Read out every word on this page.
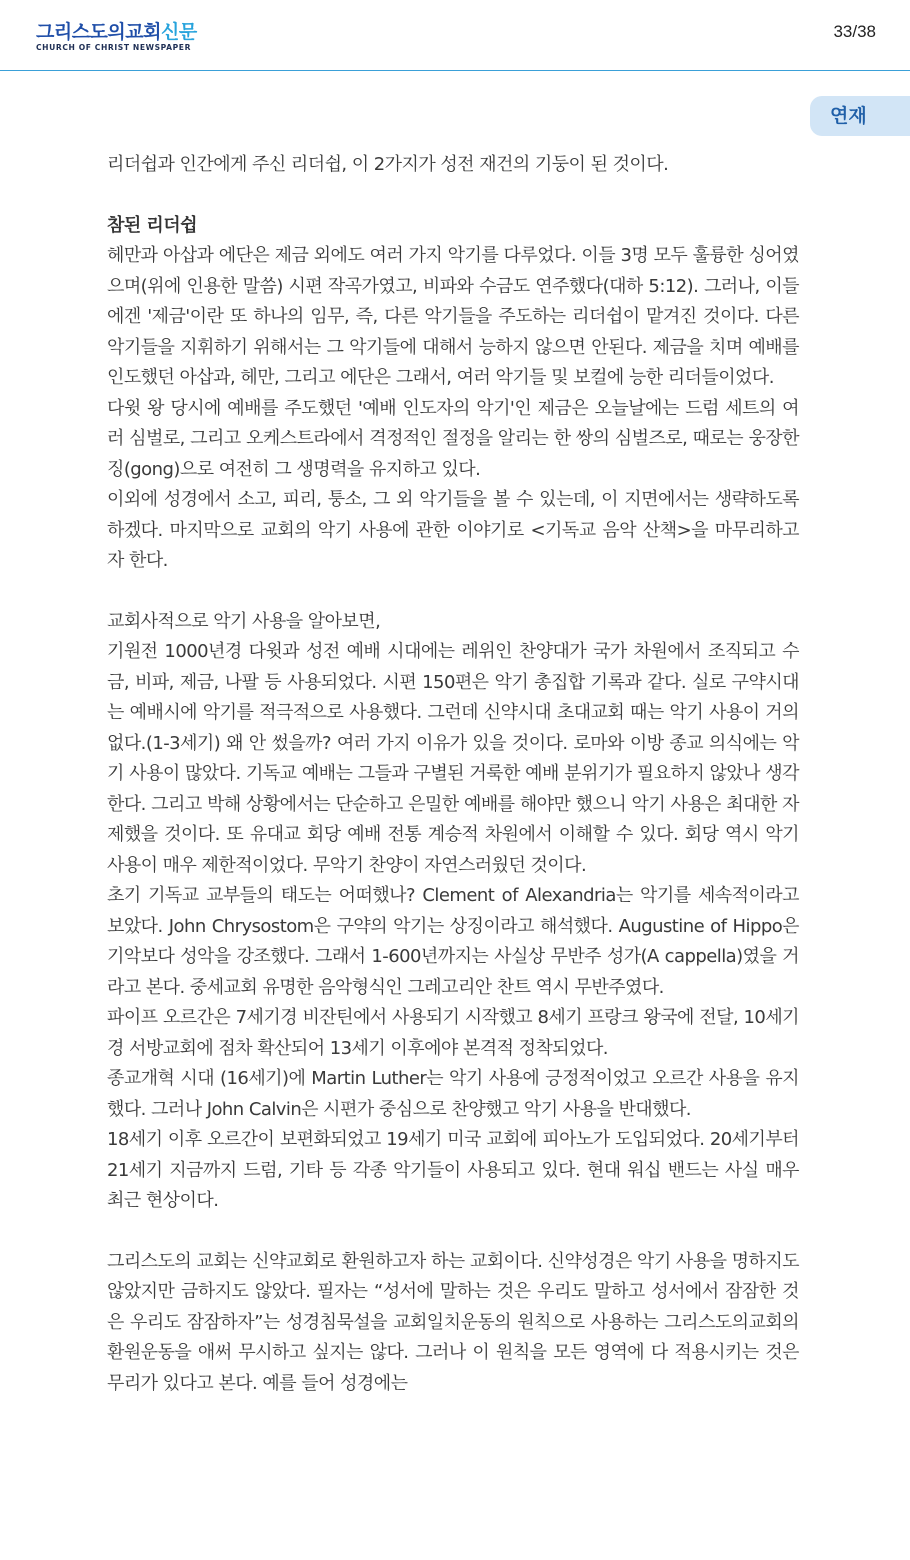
그리스도의교회신문
CHURCH OF CHRIST NEWSPAPER
33/38
연재

리더쉽과 인간에게 주신 리더쉽, 이 2가지가 성전 재건의 기둥이 된 것이다.

참된 리더쉽

헤만과 아삽과 에단은 제금 외에도 여러 가지 악기를 다루었다. 이들 3명 모두 훌륭한 싱어였으며(위에 인용한 말씀) 시편 작곡가였고, 비파와 수금도 연주했다(대하 5:12). 그러나, 이들에겐 '제금'이란 또 하나의 임무, 즉, 다른 악기들을 주도하는 리더쉽이 맡겨진 것이다. 다른 악기들을 지휘하기 위해서는 그 악기들에 대해서 능하지 않으면 안된다. 제금을 치며 예배를 인도했던 아삽과, 헤만, 그리고 에단은 그래서, 여러 악기들 및 보컬에 능한 리더들이었다.

다윗 왕 당시에 예배를 주도했던 '예배 인도자의 악기'인 제금은 오늘날에는 드럼 세트의 여러 심벌로, 그리고 오케스트라에서 격정적인 절정을 알리는 한 쌍의 심벌즈로, 때로는 웅장한 징(gong)으로 여전히 그 생명력을 유지하고 있다.

이외에 성경에서 소고, 피리, 퉁소, 그 외 악기들을 볼 수 있는데, 이 지면에서는 생략하도록 하겠다. 마지막으로 교회의 악기 사용에 관한 이야기로 <기독교 음악 산책>을 마무리하고자 한다.

교회사적으로 악기 사용을 알아보면,

기원전 1000년경 다윗과 성전 예배 시대에는 레위인 찬양대가 국가 차원에서 조직되고 수금, 비파, 제금, 나팔 등 사용되었다. 시편 150편은 악기 총집합 기록과 같다. 실로 구약시대는 예배시에 악기를 적극적으로 사용했다. 그런데 신약시대 초대교회 때는 악기 사용이 거의 없다.(1-3세기) 왜 안 썼을까? 여러 가지 이유가 있을 것이다. 로마와 이방 종교 의식에는 악기 사용이 많았다. 기독교 예배는 그들과 구별된 거룩한 예배 분위기가 필요하지 않았나 생각한다. 그리고 박해 상황에서는 단순하고 은밀한 예배를 해야만 했으니 악기 사용은 최대한 자제했을 것이다. 또 유대교 회당 예배 전통 계승적 차원에서 이해할 수 있다. 회당 역시 악기 사용이 매우 제한적이었다. 무악기 찬양이 자연스러웠던 것이다.

초기 기독교 교부들의 태도는 어떠했나? Clement of Alexandria는 악기를 세속적이라고 보았다. John Chrysostom은 구약의 악기는 상징이라고 해석했다. Augustine of Hippo은 기악보다 성악을 강조했다. 그래서 1-600년까지는 사실상 무반주 성가(A cappella)였을 거라고 본다. 중세교회 유명한 음악형식인 그레고리안 찬트 역시 무반주였다.

파이프 오르간은 7세기경 비잔틴에서 사용되기 시작했고 8세기 프랑크 왕국에 전달, 10세기경 서방교회에 점차 확산되어 13세기 이후에야 본격적 정착되었다.

종교개혁 시대 (16세기)에 Martin Luther는 악기 사용에 긍정적이었고 오르간 사용을 유지했다. 그러나 John Calvin은 시편가 중심으로 찬양했고 악기 사용을 반대했다.

18세기 이후 오르간이 보편화되었고 19세기 미국 교회에 피아노가 도입되었다. 20세기부터 21세기 지금까지 드럼, 기타 등 각종 악기들이 사용되고 있다. 현대 워십 밴드는 사실 매우 최근 현상이다.

그리스도의 교회는 신약교회로 환원하고자 하는 교회이다. 신약성경은 악기 사용을 명하지도 않았지만 금하지도 않았다. 필자는 “성서에 말하는 것은 우리도 말하고 성서에서 잠잠한 것은 우리도 잠잠하자”는 성경침묵설을 교회일치운동의 원칙으로 사용하는 그리스도의교회의 환원운동을 애써 무시하고 싶지는 않다. 그러나 이 원칙을 모든 영역에 다 적용시키는 것은 무리가 있다고 본다. 예를 들어 성경에는
